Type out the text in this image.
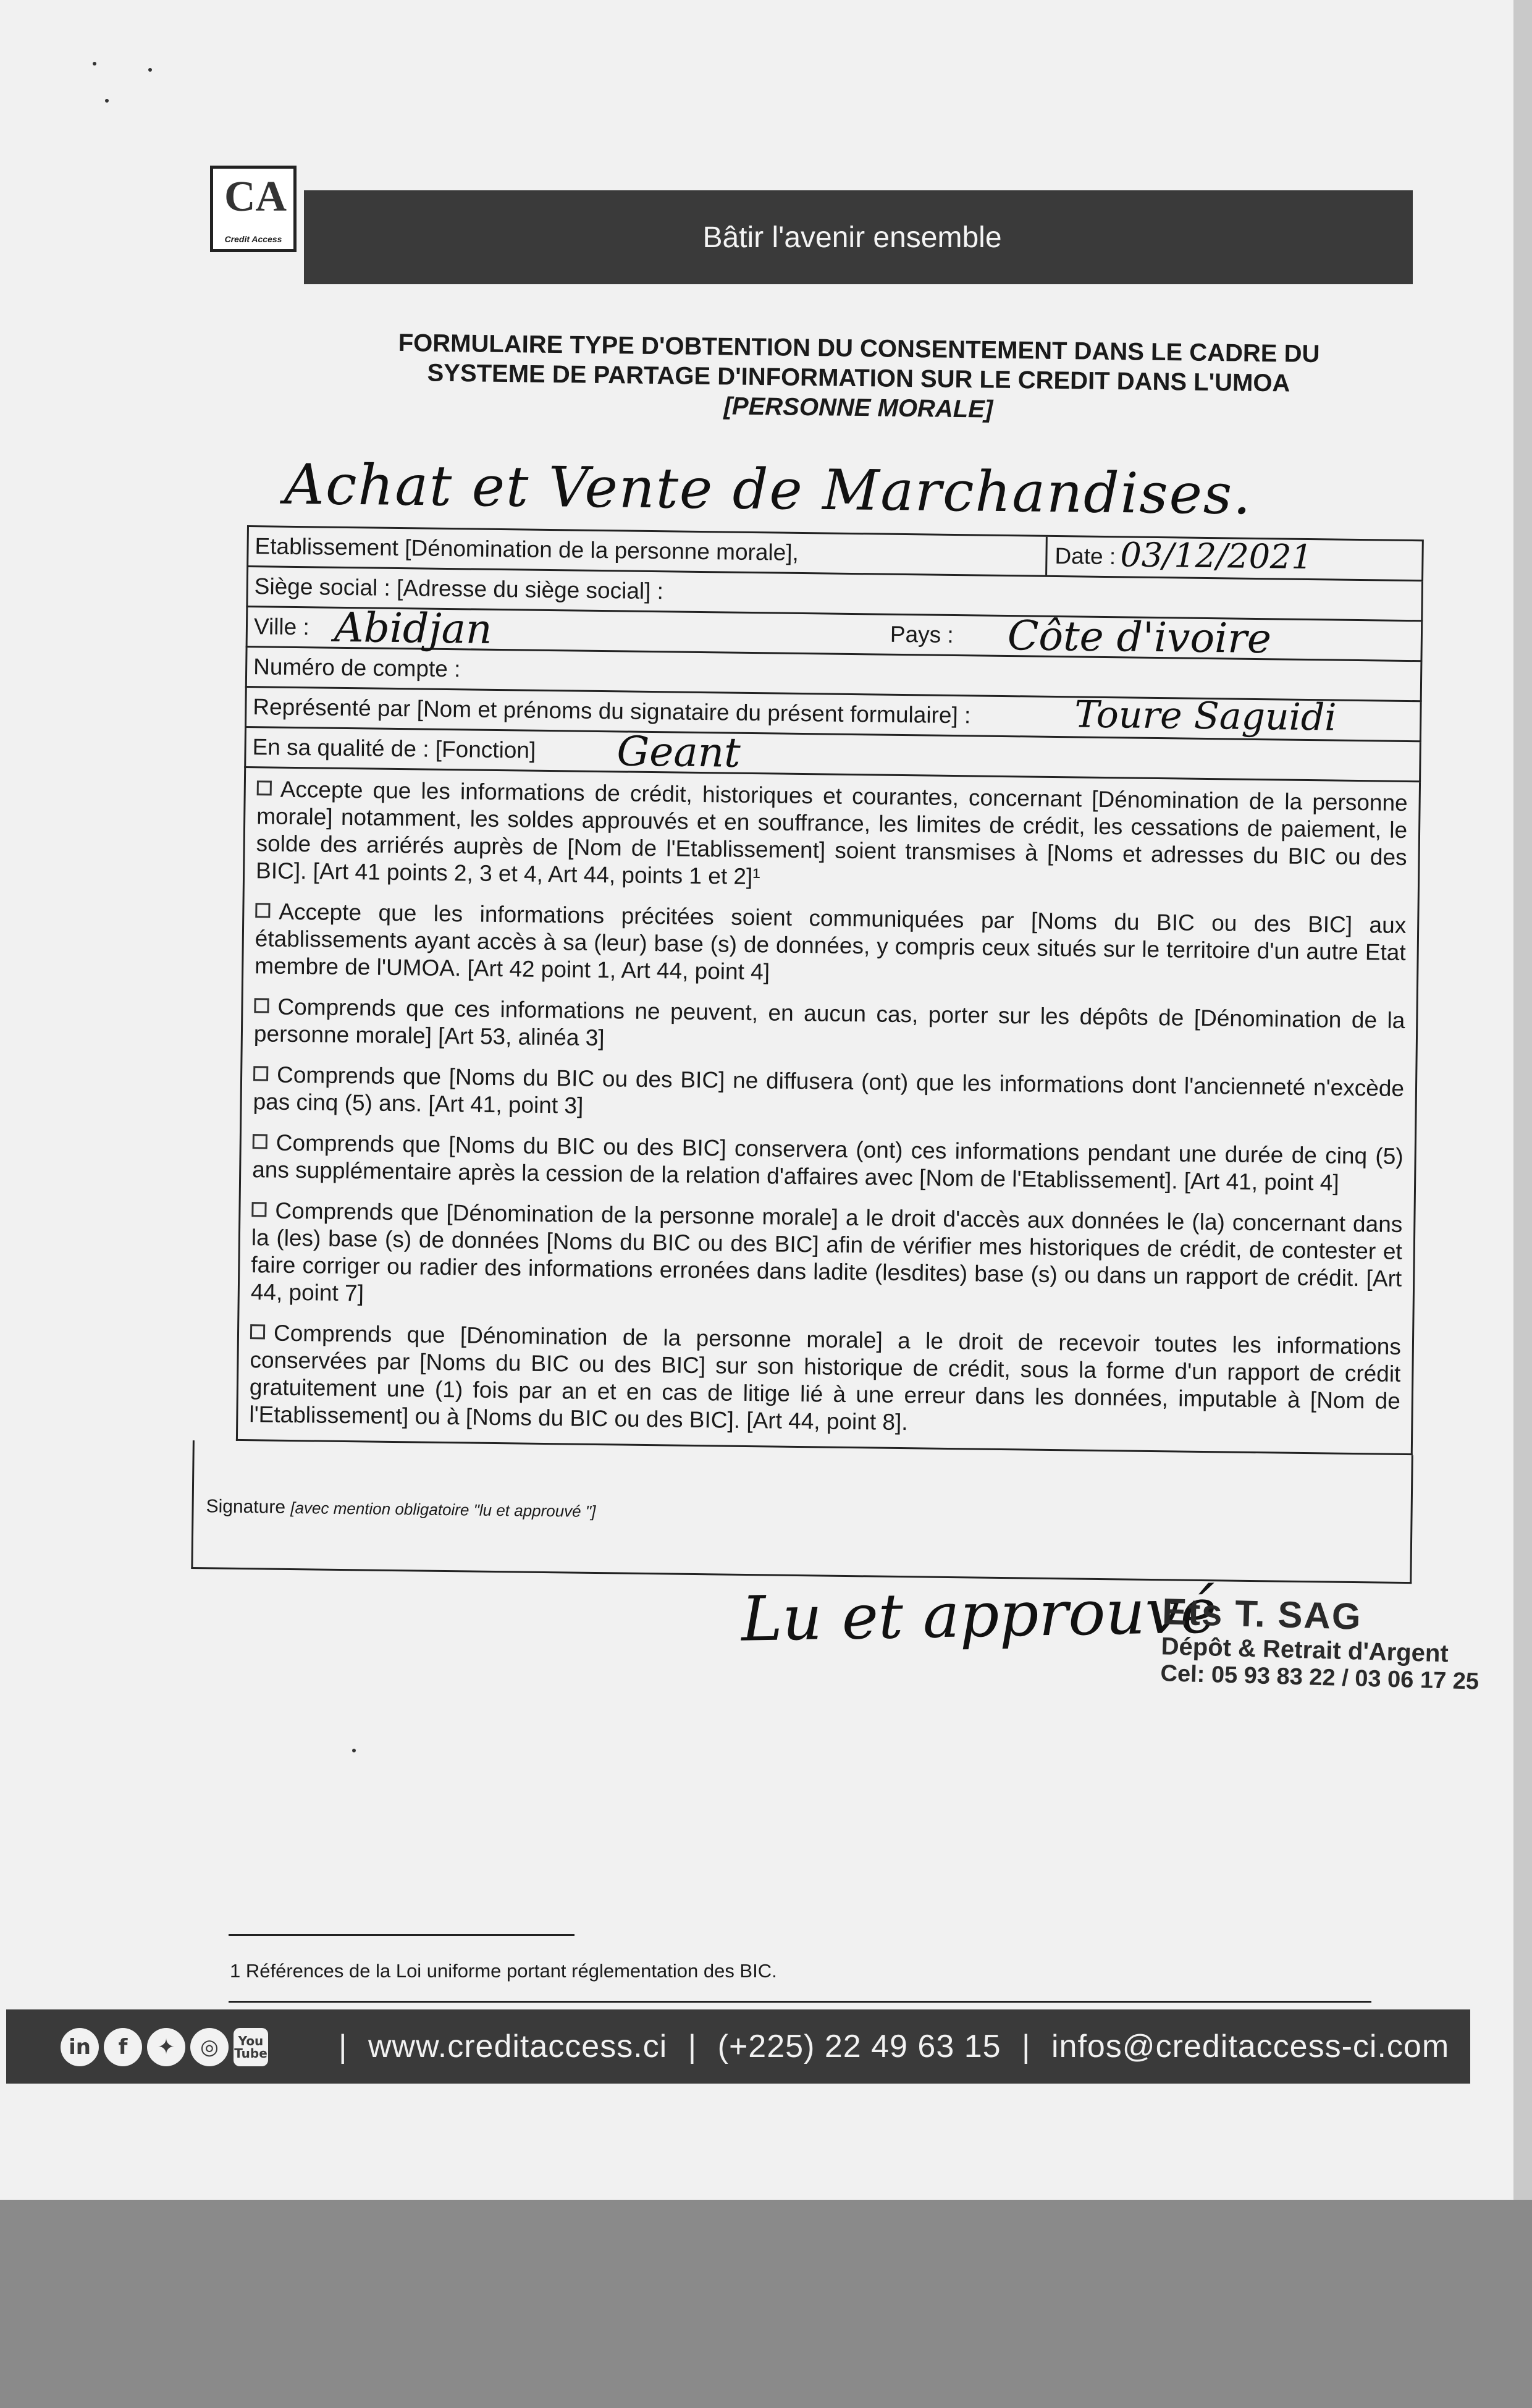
CA
Credit Access	Bâtir l'avenir ensemble
FORMULAIRE TYPE D'OBTENTION DU CONSENTEMENT DANS LE CADRE DU
SYSTEME DE PARTAGE D'INFORMATION SUR LE CREDIT DANS L'UMOA
[PERSONNE MORALE]
Achat et Vente de Marchandises.
Etablissement [Dénomination de la personne morale],	Date : 03/12/2021
Siège social : [Adresse du siège social] :
Ville : Abidjan	Pays : Côte d'ivoire
Numéro de compte :
Représenté par [Nom et prénoms du signataire du présent formulaire] :	Toure Saguidi
En sa qualité de : [Fonction] Geant
Accepte que les informations de crédit, historiques et courantes, concernant [Dénomination de la personne morale] notamment, les soldes approuvés et en souffrance, les limites de crédit, les cessations de paiement, le solde des arriérés auprès de [Nom de l'Etablissement] soient transmises à [Noms et adresses du BIC ou des BIC]. [Art 41 points 2, 3 et 4, Art 44, points 1 et 2]¹
Accepte que les informations précitées soient communiquées par [Noms du BIC ou des BIC] aux établissements ayant accès à sa (leur) base (s) de données, y compris ceux situés sur le territoire d'un autre Etat membre de l'UMOA. [Art 42 point 1, Art 44, point 4]
Comprends que ces informations ne peuvent, en aucun cas, porter sur les dépôts de [Dénomination de la personne morale] [Art 53, alinéa 3]
Comprends que [Noms du BIC ou des BIC] ne diffusera (ont) que les informations dont l'ancienneté n'excède pas cinq (5) ans. [Art 41, point 3]
Comprends que [Noms du BIC ou des BIC] conservera (ont) ces informations pendant une durée de cinq (5) ans supplémentaire après la cession de la relation d'affaires avec [Nom de l'Etablissement]. [Art 41, point 4]
Comprends que [Dénomination de la personne morale] a le droit d'accès aux données le (la) concernant dans la (les) base (s) de données [Noms du BIC ou des BIC] afin de vérifier mes historiques de crédit, de contester et faire corriger ou radier des informations erronées dans ladite (lesdites) base (s) ou dans un rapport de crédit. [Art 44, point 7]
Comprends que [Dénomination de la personne morale] a le droit de recevoir toutes les informations conservées par [Noms du BIC ou des BIC] sur son historique de crédit, sous la forme d'un rapport de crédit gratuitement une (1) fois par an et en cas de litige lié à une erreur dans les données, imputable à [Nom de l'Etablissement] ou à [Noms du BIC ou des BIC]. [Art 44, point 8].
Signature [avec mention obligatoire "lu et approuvé "]
Lu et approuvé
Ets T. SAG
Dépôt & Retrait d'Argent
Cel: 05 93 83 22 / 03 06 17 25
1 Références de la Loi uniforme portant réglementation des BIC.
in	f	✦	◎	You
Tube	| www.creditaccess.ci | (+225) 22 49 63 15 | infos@creditaccess-ci.com
